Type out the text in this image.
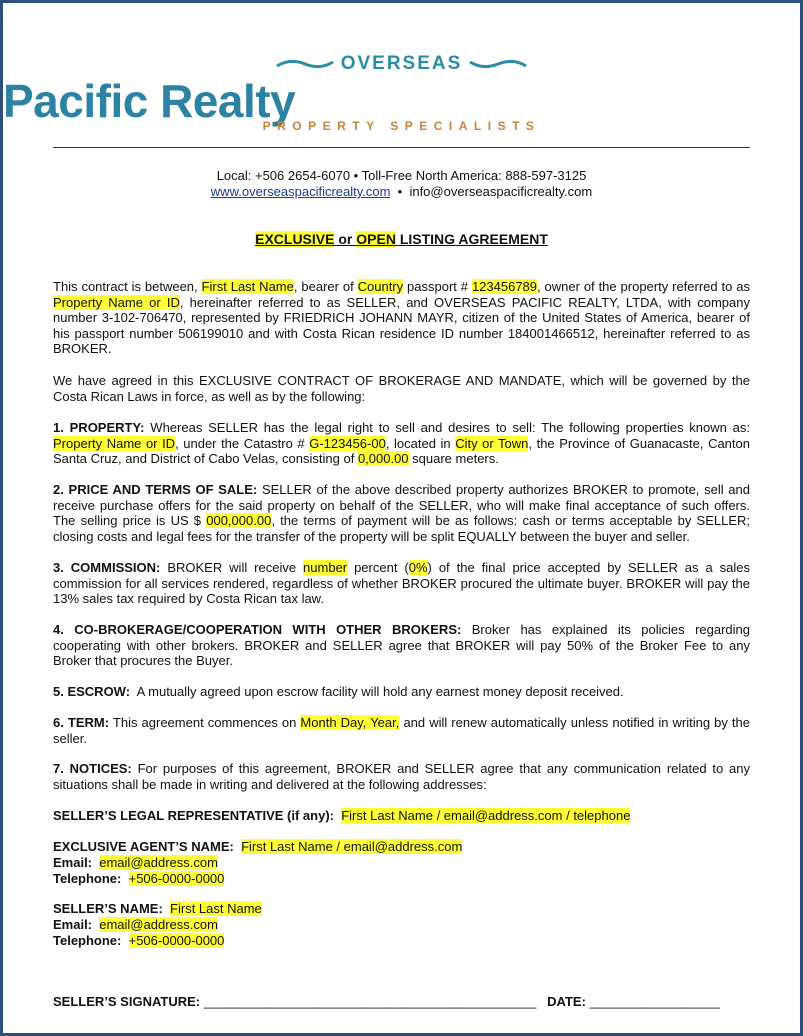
OVERSEAS
Pacific Realty
PROPERTY SPECIALISTS
Local: +506 2654-6070 • Toll-Free North America: 888-597-3125
www.overseaspacificrealty.com  •  info@overseaspacificrealty.com
EXCLUSIVE or OPEN LISTING AGREEMENT
This contract is between, First Last Name, bearer of Country passport # 123456789, owner of the property referred to as Property Name or ID, hereinafter referred to as SELLER, and OVERSEAS PACIFIC REALTY, LTDA, with company number 3-102-706470, represented by FRIEDRICH JOHANN MAYR, citizen of the United States of America, bearer of his passport number 506199010 and with Costa Rican residence ID number 184001466512, hereinafter referred to as BROKER.
We have agreed in this EXCLUSIVE CONTRACT OF BROKERAGE AND MANDATE, which will be governed by the Costa Rican Laws in force, as well as by the following:
1. PROPERTY: Whereas SELLER has the legal right to sell and desires to sell: The following properties known as: Property Name or ID, under the Catastro # G-123456-00, located in City or Town, the Province of Guanacaste, Canton Santa Cruz, and District of Cabo Velas, consisting of 0,000.00 square meters.
2. PRICE AND TERMS OF SALE: SELLER of the above described property authorizes BROKER to promote, sell and receive purchase offers for the said property on behalf of the SELLER, who will make final acceptance of such offers. The selling price is US $ 000,000.00, the terms of payment will be as follows: cash or terms acceptable by SELLER; closing costs and legal fees for the transfer of the property will be split EQUALLY between the buyer and seller.
3. COMMISSION: BROKER will receive number percent (0%) of the final price accepted by SELLER as a sales commission for all services rendered, regardless of whether BROKER procured the ultimate buyer. BROKER will pay the 13% sales tax required by Costa Rican tax law.
4. CO-BROKERAGE/COOPERATION WITH OTHER BROKERS: Broker has explained its policies regarding cooperating with other brokers. BROKER and SELLER agree that BROKER will pay 50% of the Broker Fee to any Broker that procures the Buyer.
5. ESCROW:  A mutually agreed upon escrow facility will hold any earnest money deposit received.
6. TERM: This agreement commences on Month Day, Year, and will renew automatically unless notified in writing by the seller.
7. NOTICES: For purposes of this agreement, BROKER and SELLER agree that any communication related to any situations shall be made in writing and delivered at the following addresses:
SELLER’S LEGAL REPRESENTATIVE (if any): First Last Name / email@address.com / telephone
EXCLUSIVE AGENT’S NAME: First Last Name / email@address.com
Email: email@address.com
Telephone: +506-0000-0000
SELLER’S NAME: First Last Name
Email: email@address.com
Telephone: +506-0000-0000
SELLER’S SIGNATURE: ______________________________________________ DATE: __________________
